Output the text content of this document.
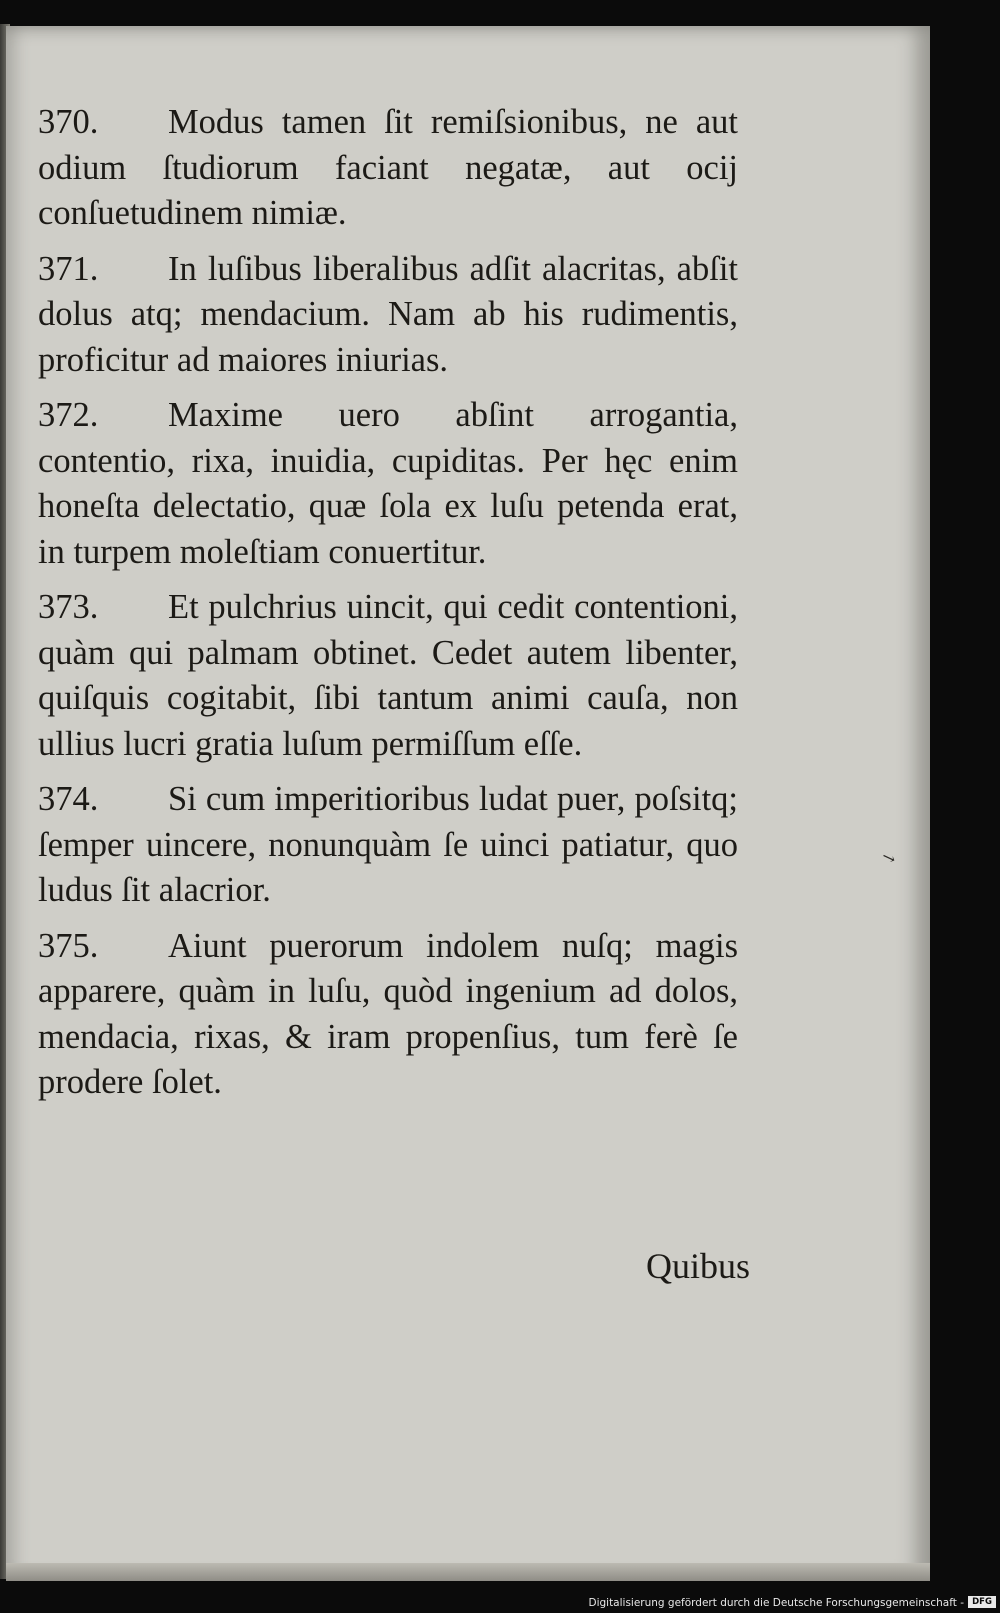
370. Modus tamen ſit remiſsionibus, ne aut odium ſtudiorum faciant negatæ, aut ocij conſuetudinem nimiæ.

371. In luſibus liberalibus adſit alacritas, abſit dolus atq; mendacium. Nam ab his rudimentis, proficitur ad maiores iniurias.

372. Maxime uero abſint arrogantia, contentio, rixa, inuidia, cupiditas. Per hęc enim honeſta delectatio, quæ ſola ex luſu petenda erat, in turpem moleſtiam conuertitur.

373. Et pulchrius uincit, qui cedit contentioni, quàm qui palmam obtinet. Cedet autem libenter, quiſquis cogitabit, ſibi tantum animi cauſa, non ullius lucri gratia luſum permiſſum eſſe.

374. Si cum imperitioribus ludat puer, poſsitq; ſemper uincere, nonunquàm ſe uinci patiatur, quo ludus ſit alacrior.

375. Aiunt puerorum indolem nuſq; magis apparere, quàm in luſu, quòd ingenium ad dolos, mendacia, rixas, & iram propenſius, tum ferè ſe prodere ſolet.

Quibus
↘
Digitalisierung gefördert durch die Deutsche Forschungsgemeinschaft - DFG
